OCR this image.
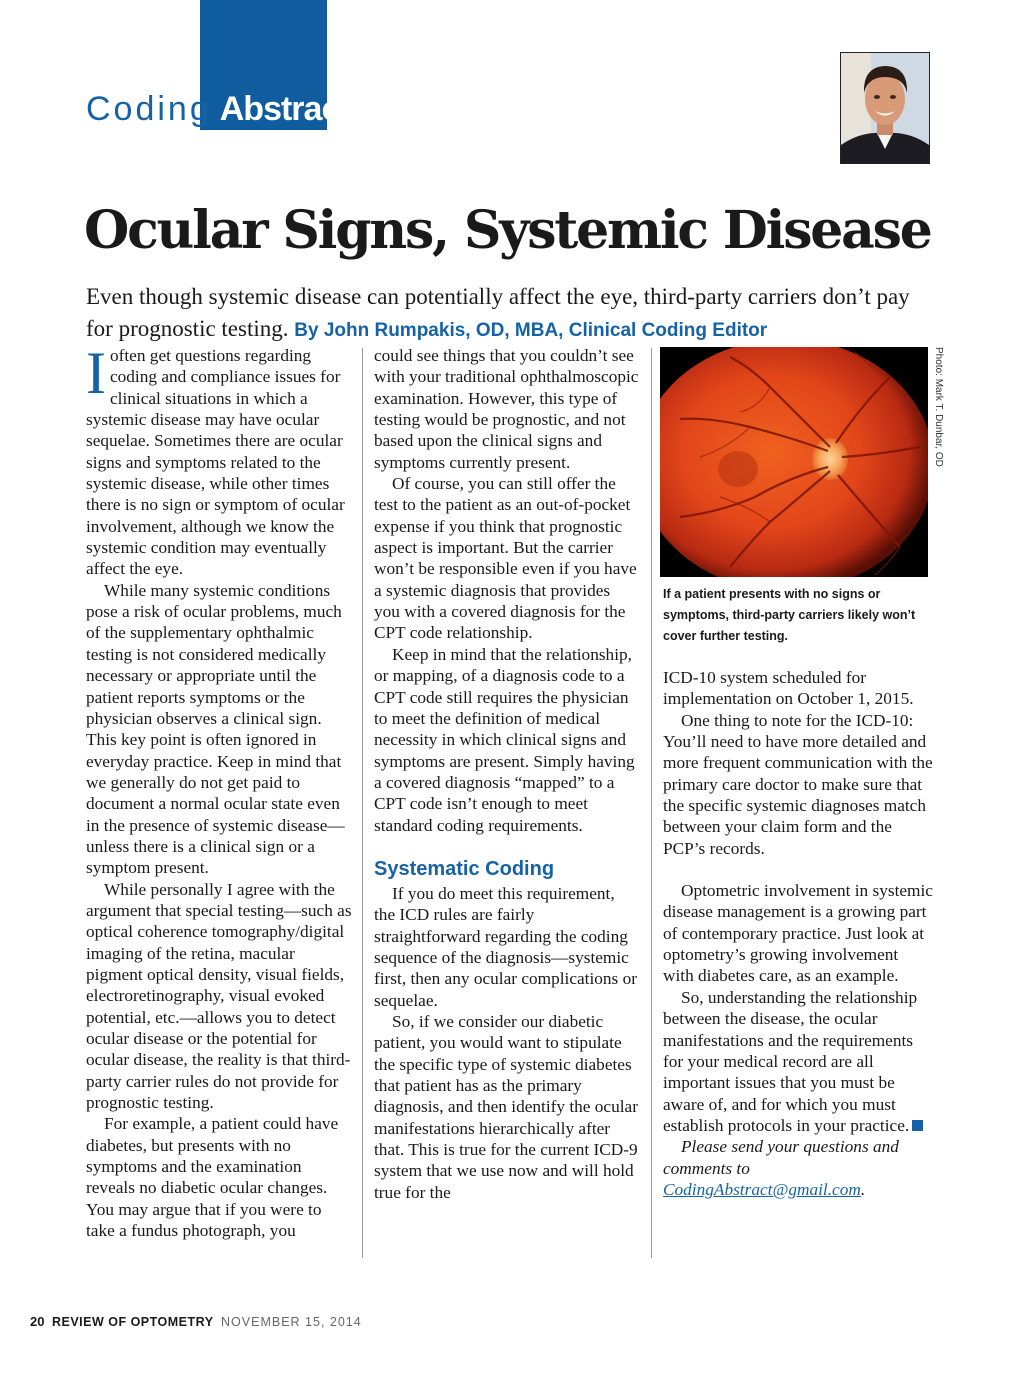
Coding Abstract
Ocular Signs, Systemic Disease

Even though systemic disease can potentially affect the eye, third-party carriers don’t pay for prognostic testing. By John Rumpakis, OD, MBA, Clinical Coding Editor

I often get questions regarding coding and compliance issues for clinical situations in which a systemic disease may have ocular sequelae. Sometimes there are ocular signs and symptoms related to the systemic disease, while other times there is no sign or symptom of ocular involvement, although we know the systemic condition may eventually affect the eye.

While many systemic conditions pose a risk of ocular problems, much of the supplementary ophthalmic testing is not considered medically necessary or appropriate until the patient reports symptoms or the physician observes a clinical sign. This key point is often ignored in everyday practice. Keep in mind that we generally do not get paid to document a normal ocular state even in the presence of systemic disease—unless there is a clinical sign or a symptom present.

While personally I agree with the argument that special testing—such as optical coherence tomography/digital imaging of the retina, macular pigment optical density, visual fields, electroretinography, visual evoked potential, etc.—allows you to detect ocular disease or the potential for ocular disease, the reality is that third-party carrier rules do not provide for prognostic testing.

For example, a patient could have diabetes, but presents with no symptoms and the examination reveals no diabetic ocular changes. You may argue that if you were to take a fundus photograph, you

could see things that you couldn’t see with your traditional ophthalmoscopic examination. However, this type of testing would be prognostic, and not based upon the clinical signs and symptoms currently present.

Of course, you can still offer the test to the patient as an out-of-pocket expense if you think that prognostic aspect is important. But the carrier won’t be responsible even if you have a systemic diagnosis that provides you with a covered diagnosis for the CPT code relationship.

Keep in mind that the relationship, or mapping, of a diagnosis code to a CPT code still requires the physician to meet the definition of medical necessity in which clinical signs and symptoms are present. Simply having a covered diagnosis “mapped” to a CPT code isn’t enough to meet standard coding requirements.

Systematic Coding

If you do meet this requirement, the ICD rules are fairly straightforward regarding the coding sequence of the diagnosis—systemic first, then any ocular complications or sequelae.

So, if we consider our diabetic patient, you would want to stipulate the specific type of systemic diabetes that patient has as the primary diagnosis, and then identify the ocular manifestations hierarchically after that. This is true for the current ICD-9 system that we use now and will hold true for the

Photo: Mark T. Dunbar, OD

If a patient presents with no signs or symptoms, third-party carriers likely won’t cover further testing.

ICD-10 system scheduled for implementation on October 1, 2015.

One thing to note for the ICD-10: You’ll need to have more detailed and more frequent communication with the primary care doctor to make sure that the specific systemic diagnoses match between your claim form and the PCP’s records.

Optometric involvement in systemic disease management is a growing part of contemporary practice. Just look at optometry’s growing involvement with diabetes care, as an example.

So, understanding the relationship between the disease, the ocular manifestations and the requirements for your medical record are all important issues that you must be aware of, and for which you must establish protocols in your practice.

Please send your questions and comments to CodingAbstract@gmail.com.

20 REVIEW OF OPTOMETRY NOVEMBER 15, 2014
